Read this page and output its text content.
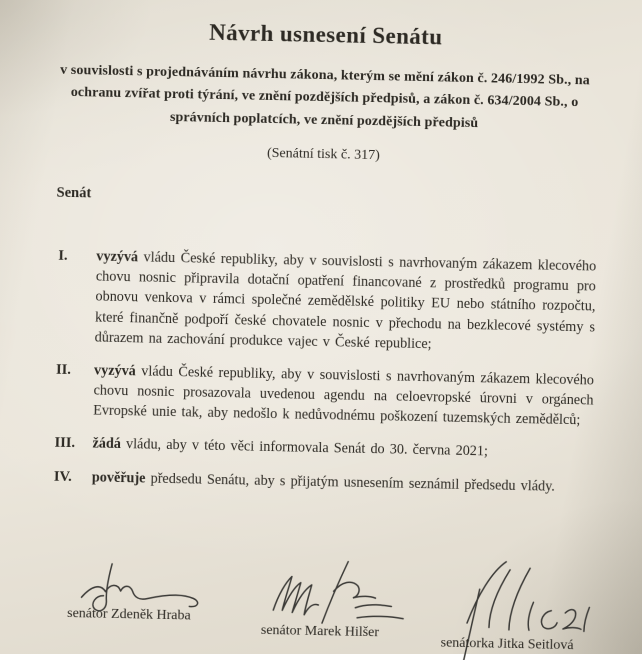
Návrh usnesení Senátu

v souvislosti s projednáváním návrhu zákona, kterým se mění zákon č. 246/1992 Sb., na ochranu zvířat proti týrání, ve znění pozdějších předpisů, a zákon č. 634/2004 Sb., o správních poplatcích, ve znění pozdějších předpisů

(Senátní tisk č. 317)

Senát

I.	vyzývá vládu České republiky, aby v souvislosti s navrhovaným zákazem klecového chovu nosnic připravila dotační opatření financované z prostředků programu pro obnovu venkova v rámci společné zemědělské politiky EU nebo státního rozpočtu, které finančně podpoří české chovatele nosnic v přechodu na bezklecové systémy s důrazem na zachování produkce vajec v České republice;

II.	vyzývá vládu České republiky, aby v souvislosti s navrhovaným zákazem klecového chovu nosnic prosazovala uvedenou agendu na celoevropské úrovni v orgánech Evropské unie tak, aby nedošlo k nedůvodnému poškození tuzemských zemědělců;

III.	žádá vládu, aby v této věci informovala Senát do 30. června 2021;

IV.	pověřuje předsedu Senátu, aby s přijatým usnesením seznámil předsedu vlády.

senátor Zdeněk Hraba
senátor Marek Hilšer
senátorka Jitka Seitlová
